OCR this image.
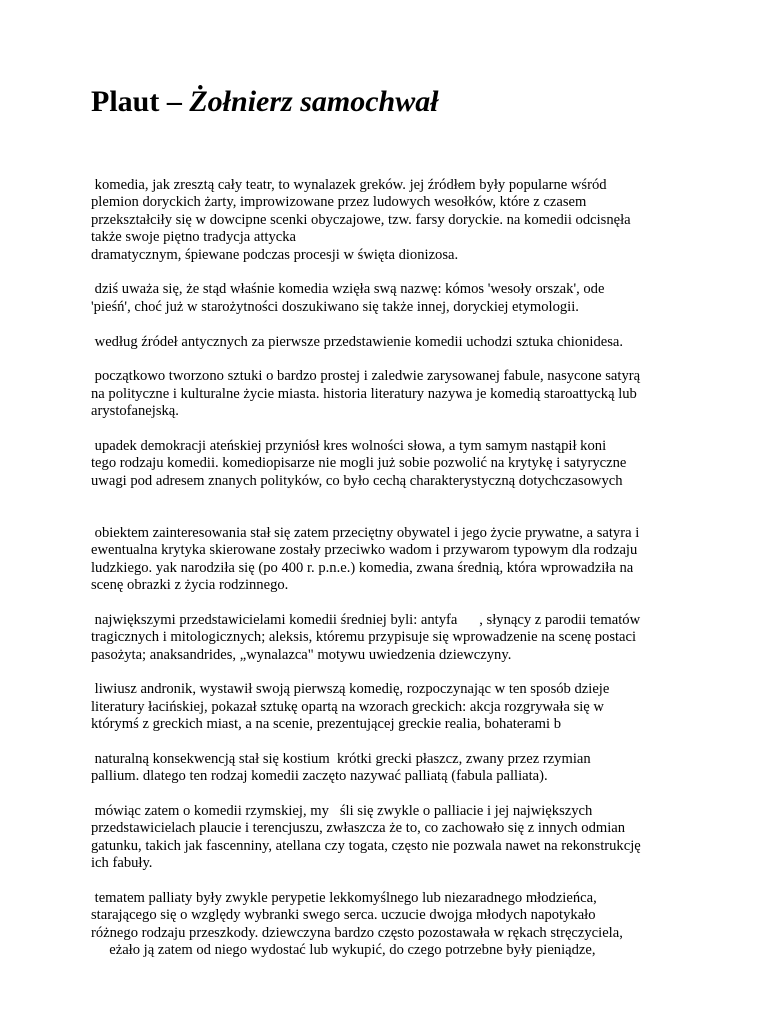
Plaut – Żołnierz samochwał
komedia, jak zresztą cały teatr, to wynalazek greków. jej źródłem były popularne wśród
plemion doryckich żarty, improwizowane przez ludowych wesołków, które z czasem
przekształciły się w dowcipne scenki obyczajowe, tzw. farsy doryckie. na komedii odcisnęła
także swoje piętno tradycja attycka
dramatycznym, śpiewane podczas procesji w święta dionizosa.
dziś uważa się, że stąd właśnie komedia wzięła swą nazwę: kómos 'wesoły orszak', ode
'pieśń', choć już w starożytności doszukiwano się także innej, doryckiej etymologii.
według źródeł antycznych za pierwsze przedstawienie komedii uchodzi sztuka chionidesa.
początkowo tworzono sztuki o bardzo prostej i zaledwie zarysowanej fabule, nasycone satyrą
na polityczne i kulturalne życie miasta. historia literatury nazywa je komedią staroattycką lub
arystofanejską.
upadek demokracji ateńskiej przyniósł kres wolności słowa, a tym samym nastąpił koni
tego rodzaju komedii. komediopisarze nie mogli już sobie pozwolić na krytykę i satyryczne
uwagi pod adresem znanych polityków, co było cechą charakterystyczną dotychczasowych
obiektem zainteresowania stał się zatem przeciętny obywatel i jego życie prywatne, a satyra i
ewentualna krytyka skierowane zostały przeciwko wadom i przywarom typowym dla rodzaju
ludzkiego. yak narodziła się (po 400 r. p.n.e.) komedia, zwana średnią, która wprowadziła na
scenę obrazki z życia rodzinnego.
największymi przedstawicielami komedii średniej byli: antyfa      , słynący z parodii tematów
tragicznych i mitologicznych; aleksis, któremu przypisuje się wprowadzenie na scenę postaci
pasożyta; anaksandrides, „wynalazca" motywu uwiedzenia dziewczyny.
liwiusz andronik, wystawił swoją pierwszą komedię, rozpoczynając w ten sposób dzieje
literatury łacińskiej, pokazał sztukę opartą na wzorach greckich: akcja rozgrywała się w
którymś z greckich miast, a na scenie, prezentującej greckie realia, bohaterami b
naturalną konsekwencją stał się kostium  krótki grecki płaszcz, zwany przez rzymian
pallium. dlatego ten rodzaj komedii zaczęto nazywać palliatą (fabula palliata).
mówiąc zatem o komedii rzymskiej, my   śli się zwykle o palliacie i jej największych
przedstawicielach plaucie i terencjuszu, zwłaszcza że to, co zachowało się z innych odmian
gatunku, takich jak fascenniny, atellana czy togata, często nie pozwala nawet na rekonstrukcję
ich fabuły.
tematem palliaty były zwykle perypetie lekkomyślnego lub niezaradnego młodzieńca,
starającego się o względy wybranki swego serca. uczucie dwojga młodych napotykało
różnego rodzaju przeszkody. dziewczyna bardzo często pozostawała w rękach stręczyciela,
eżało ją zatem od niego wydostać lub wykupić, do czego potrzebne były pieniądze,
